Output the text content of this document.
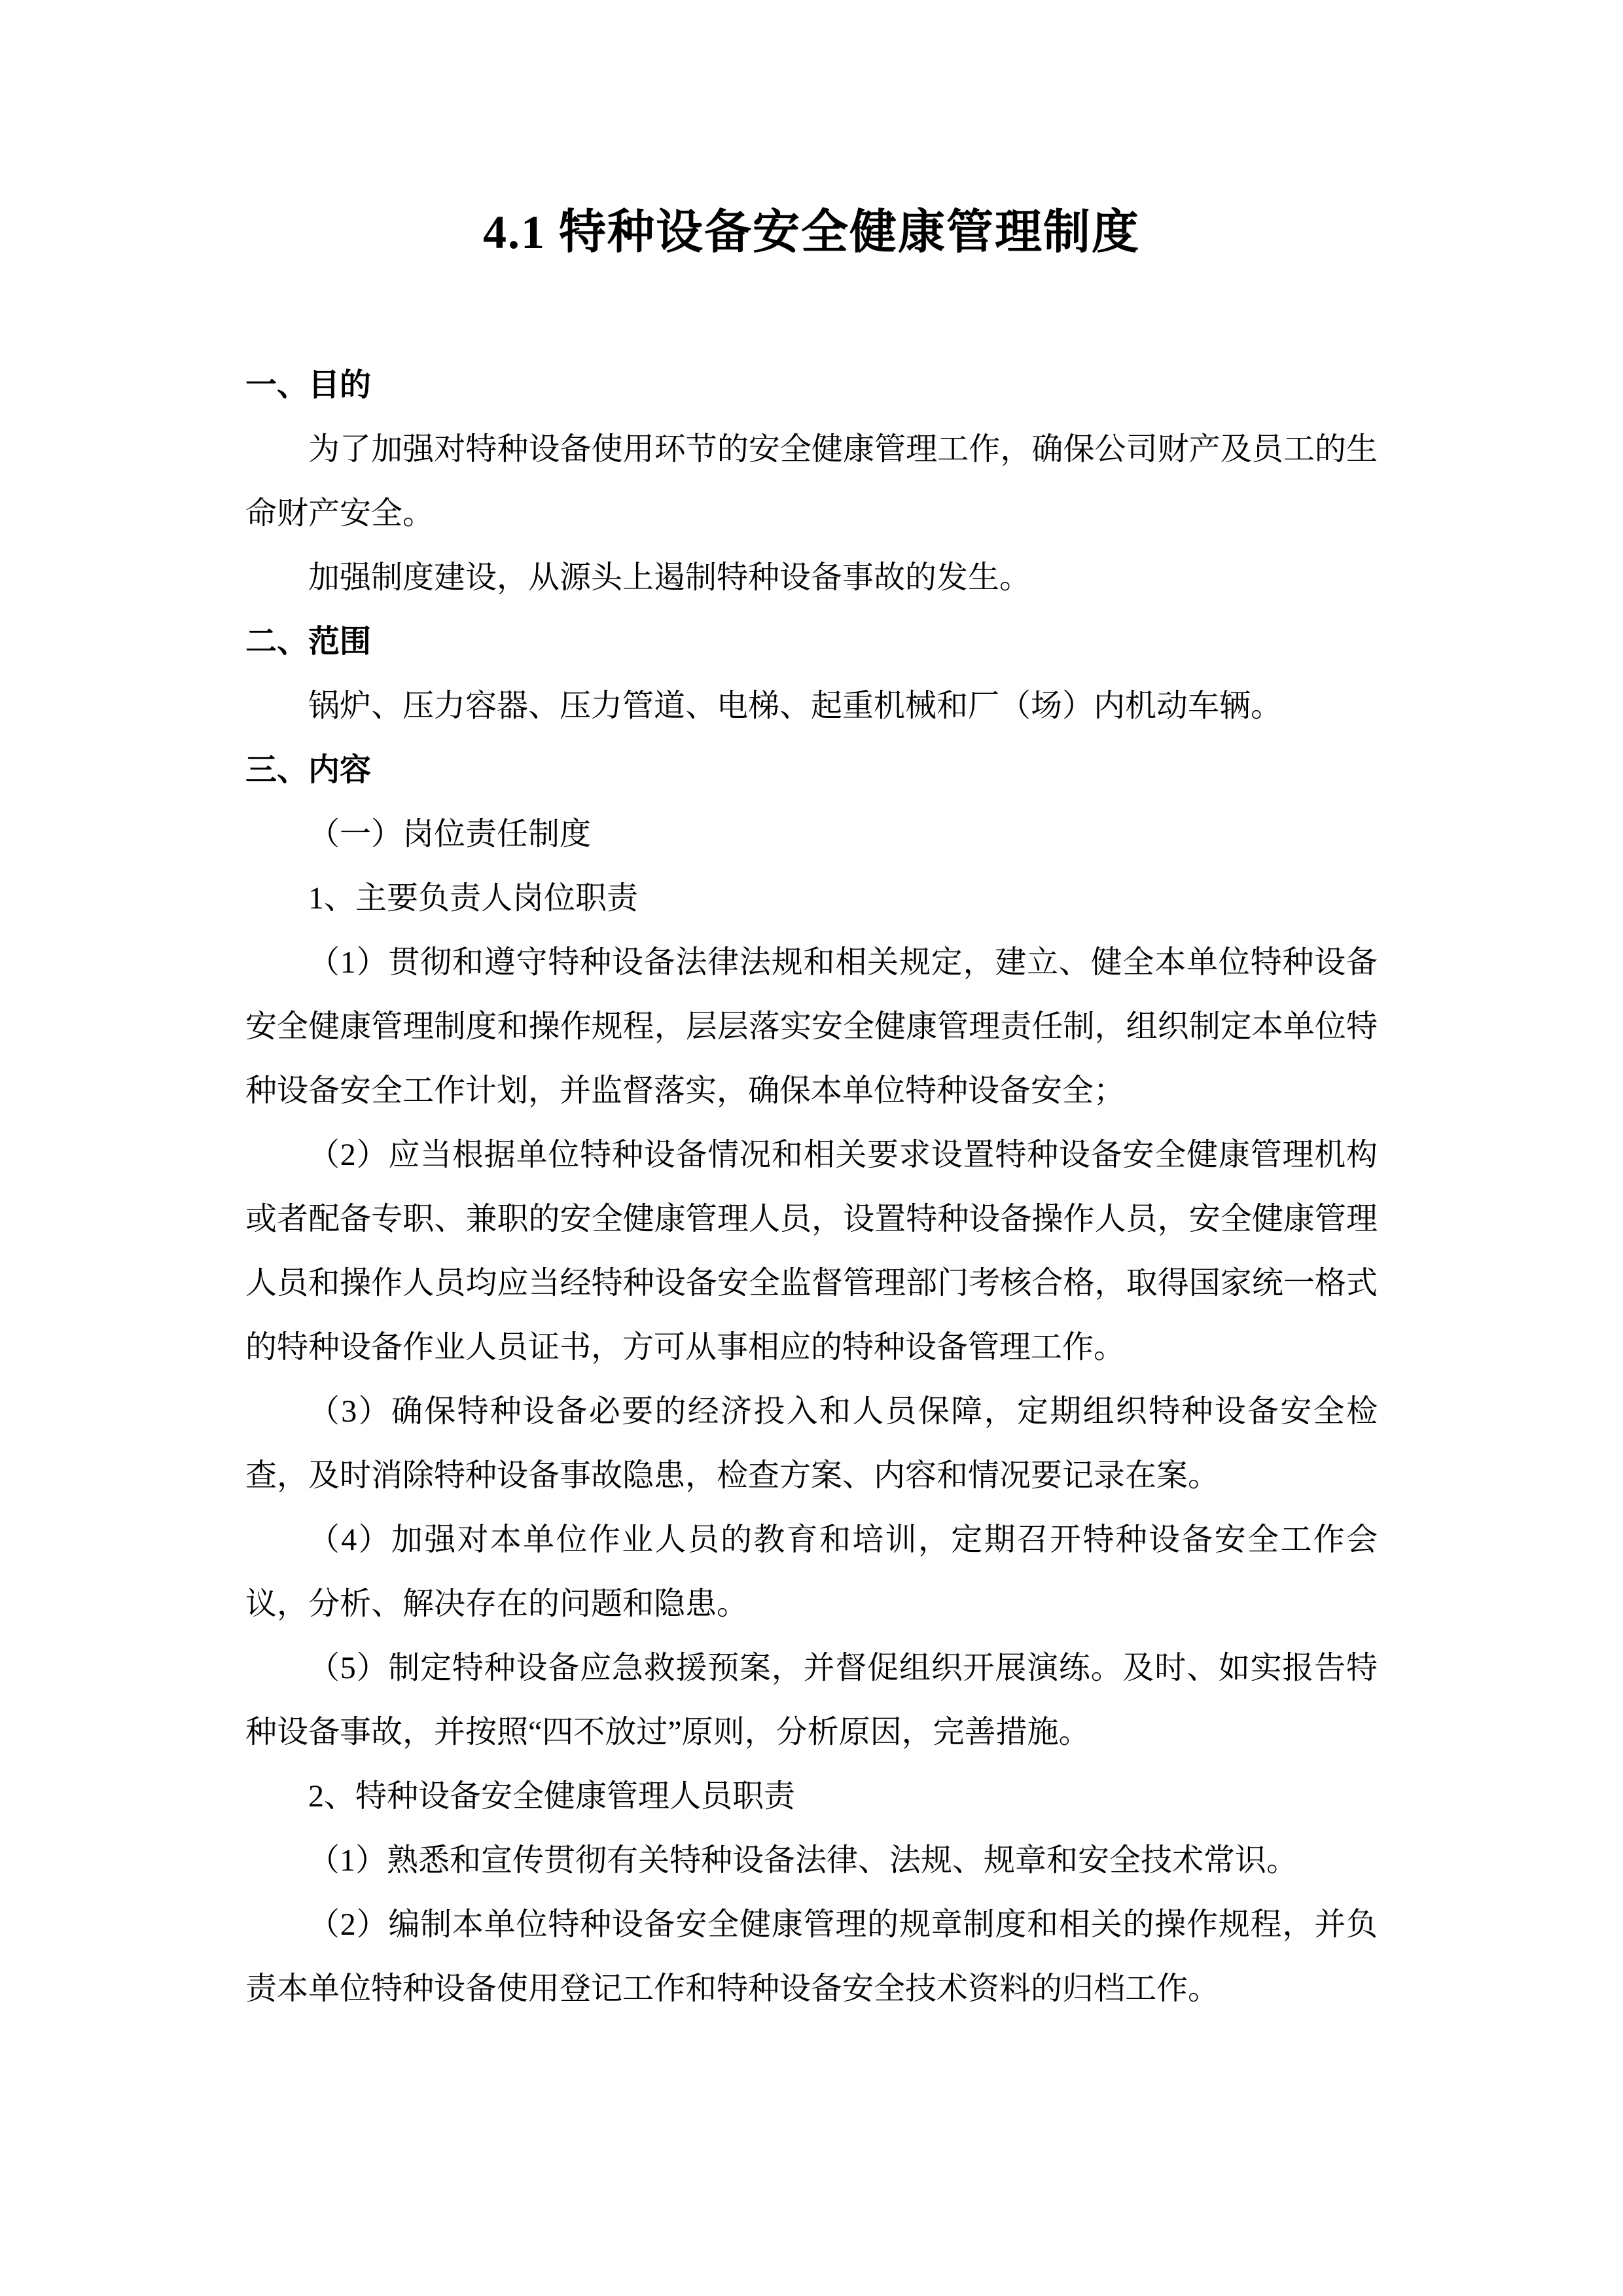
4.1 特种设备安全健康管理制度

一、目的

为了加强对特种设备使用环节的安全健康管理工作，确保公司财产及员工的生命财产安全。

加强制度建设，从源头上遏制特种设备事故的发生。

二、范围

锅炉、压力容器、压力管道、电梯、起重机械和厂（场）内机动车辆。

三、内容

（一）岗位责任制度

1、主要负责人岗位职责

（1）贯彻和遵守特种设备法律法规和相关规定，建立、健全本单位特种设备安全健康管理制度和操作规程，层层落实安全健康管理责任制，组织制定本单位特种设备安全工作计划，并监督落实，确保本单位特种设备安全；

（2）应当根据单位特种设备情况和相关要求设置特种设备安全健康管理机构或者配备专职、兼职的安全健康管理人员，设置特种设备操作人员，安全健康管理人员和操作人员均应当经特种设备安全监督管理部门考核合格，取得国家统一格式的特种设备作业人员证书，方可从事相应的特种设备管理工作。

（3）确保特种设备必要的经济投入和人员保障，定期组织特种设备安全检查，及时消除特种设备事故隐患，检查方案、内容和情况要记录在案。

（4）加强对本单位作业人员的教育和培训，定期召开特种设备安全工作会议，分析、解决存在的问题和隐患。

（5）制定特种设备应急救援预案，并督促组织开展演练。及时、如实报告特种设备事故，并按照“四不放过”原则，分析原因，完善措施。

2、特种设备安全健康管理人员职责

（1）熟悉和宣传贯彻有关特种设备法律、法规、规章和安全技术常识。

（2）编制本单位特种设备安全健康管理的规章制度和相关的操作规程，并负责本单位特种设备使用登记工作和特种设备安全技术资料的归档工作。
